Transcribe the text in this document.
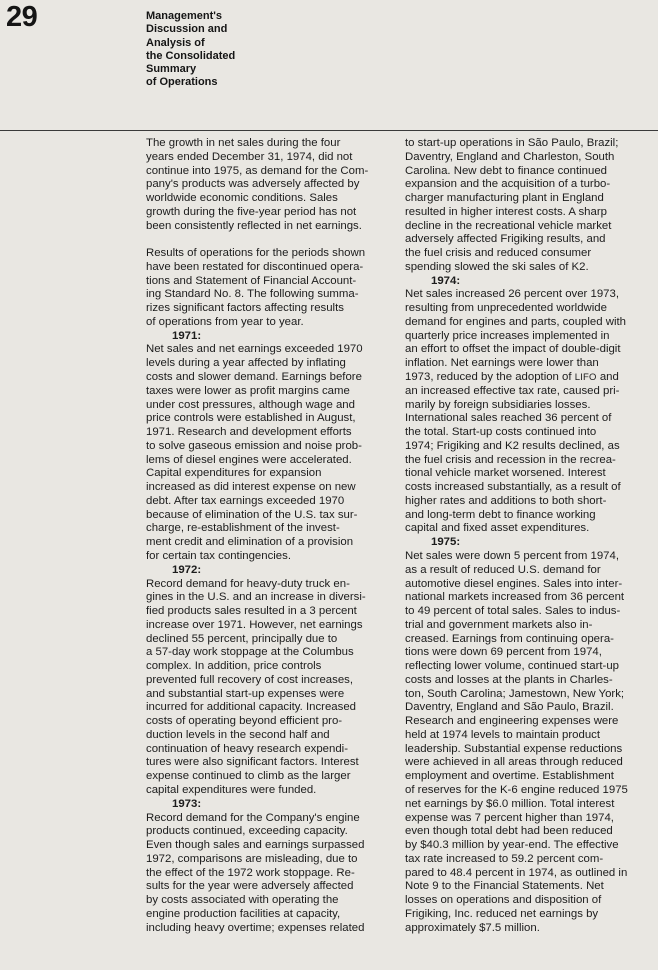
29	Management's
Discussion and
Analysis of
the Consolidated
Summary
of Operations
The growth in net sales during the four
years ended December 31, 1974, did not
continue into 1975, as demand for the Com-
pany's products was adversely affected by
worldwide economic conditions. Sales
growth during the five-year period has not
been consistently reflected in net earnings.
Results of operations for the periods shown
have been restated for discontinued opera-
tions and Statement of Financial Account-
ing Standard No. 8. The following summa-
rizes significant factors affecting results
of operations from year to year.
1971:
Net sales and net earnings exceeded 1970
levels during a year affected by inflating
costs and slower demand. Earnings before
taxes were lower as profit margins came
under cost pressures, although wage and
price controls were established in August,
1971. Research and development efforts
to solve gaseous emission and noise prob-
lems of diesel engines were accelerated.
Capital expenditures for expansion
increased as did interest expense on new
debt. After tax earnings exceeded 1970
because of elimination of the U.S. tax sur-
charge, re-establishment of the invest-
ment credit and elimination of a provision
for certain tax contingencies.
1972:
Record demand for heavy-duty truck en-
gines in the U.S. and an increase in diversi-
fied products sales resulted in a 3 percent
increase over 1971. However, net earnings
declined 55 percent, principally due to
a 57-day work stoppage at the Columbus
complex. In addition, price controls
prevented full recovery of cost increases,
and substantial start-up expenses were
incurred for additional capacity. Increased
costs of operating beyond efficient pro-
duction levels in the second half and
continuation of heavy research expendi-
tures were also significant factors. Interest
expense continued to climb as the larger
capital expenditures were funded.
1973:
Record demand for the Company's engine
products continued, exceeding capacity.
Even though sales and earnings surpassed
1972, comparisons are misleading, due to
the effect of the 1972 work stoppage. Re-
sults for the year were adversely affected
by costs associated with operating the
engine production facilities at capacity,
including heavy overtime; expenses related
to start-up operations in São Paulo, Brazil;
Daventry, England and Charleston, South
Carolina. New debt to finance continued
expansion and the acquisition of a turbo-
charger manufacturing plant in England
resulted in higher interest costs. A sharp
decline in the recreational vehicle market
adversely affected Frigiking results, and
the fuel crisis and reduced consumer
spending slowed the ski sales of K2.
1974:
Net sales increased 26 percent over 1973,
resulting from unprecedented worldwide
demand for engines and parts, coupled with
quarterly price increases implemented in
an effort to offset the impact of double-digit
inflation. Net earnings were lower than
1973, reduced by the adoption of LIFO and
an increased effective tax rate, caused pri-
marily by foreign subsidiaries losses.
International sales reached 36 percent of
the total. Start-up costs continued into
1974; Frigiking and K2 results declined, as
the fuel crisis and recession in the recrea-
tional vehicle market worsened. Interest
costs increased substantially, as a result of
higher rates and additions to both short-
and long-term debt to finance working
capital and fixed asset expenditures.
1975:
Net sales were down 5 percent from 1974,
as a result of reduced U.S. demand for
automotive diesel engines. Sales into inter-
national markets increased from 36 percent
to 49 percent of total sales. Sales to indus-
trial and government markets also in-
creased. Earnings from continuing opera-
tions were down 69 percent from 1974,
reflecting lower volume, continued start-up
costs and losses at the plants in Charles-
ton, South Carolina; Jamestown, New York;
Daventry, England and São Paulo, Brazil.
Research and engineering expenses were
held at 1974 levels to maintain product
leadership. Substantial expense reductions
were achieved in all areas through reduced
employment and overtime. Establishment
of reserves for the K-6 engine reduced 1975
net earnings by $6.0 million. Total interest
expense was 7 percent higher than 1974,
even though total debt had been reduced
by $40.3 million by year-end. The effective
tax rate increased to 59.2 percent com-
pared to 48.4 percent in 1974, as outlined in
Note 9 to the Financial Statements. Net
losses on operations and disposition of
Frigiking, Inc. reduced net earnings by
approximately $7.5 million.
